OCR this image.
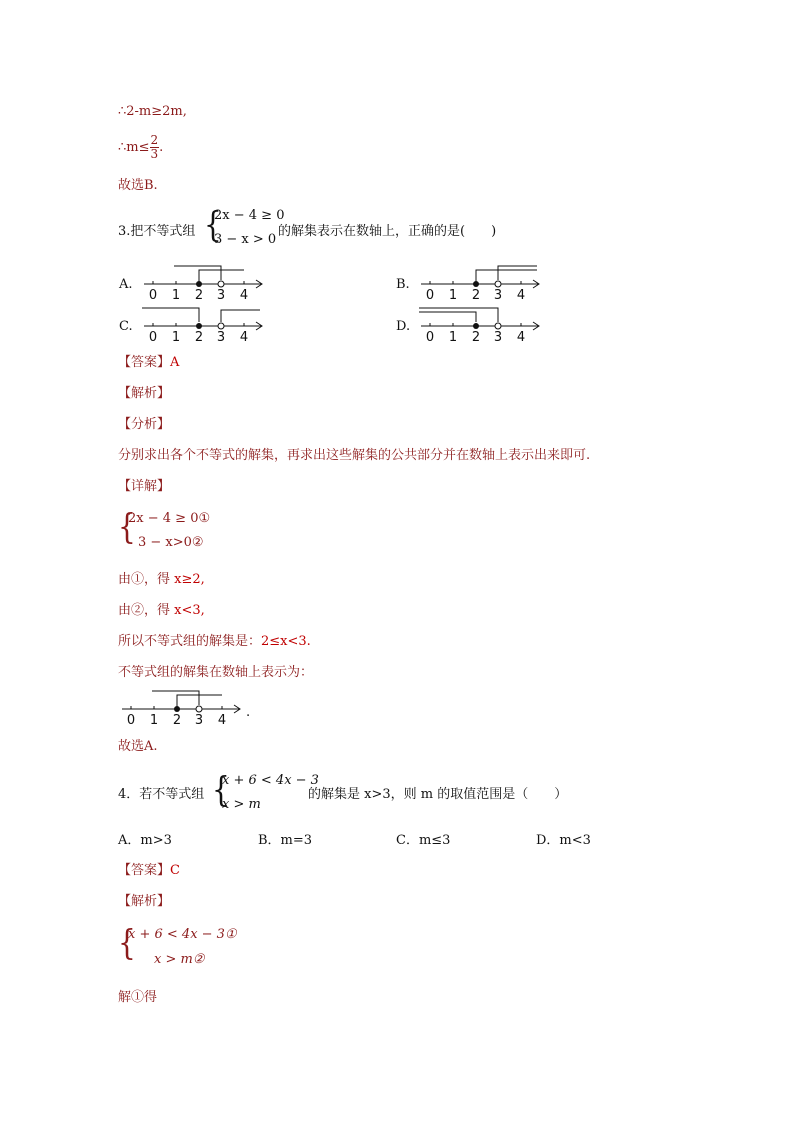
∴2-m≥2m,
∴m≤ $\frac{2}{3}$ .
故选B.
3.把不等式组 {
2x − 4 ≥ 0
3 − x > 0
的解集表示在数轴上，正确的是(　　)
A.
0 1 2 3 4
B.
0 1 2 3 4
C.
0 1 2 3 4
D.
0 1 2 3 4
【答案】A
【解析】
【分析】
分别求出各个不等式的解集，再求出这些解集的公共部分并在数轴上表示出来即可.
【详解】
{
2x − 4 ≥ 0①
3 − x>0②
由①，得 x≥2,
由②，得 x<3,
所以不等式组的解集是：2≤x<3.
不等式组的解集在数轴上表示为：
0 1 2 3 4
.
故选A.
4．若不等式组 {
x + 6 < 4x − 3
x > m
的解集是 x>3，则 m 的取值范围是（　　）
A．m>3	B．m=3	C．m≤3	D．m<3
【答案】C
【解析】
{
x + 6 < 4x − 3①
x > m②
解①得
